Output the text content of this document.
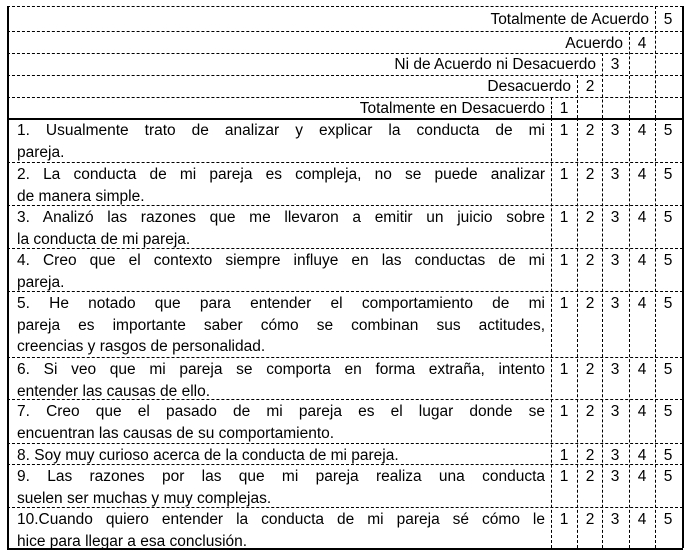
Totalmente de Acuerdo 5
Acuerdo 4
Ni de Acuerdo ni Desacuerdo 3
Desacuerdo 2
Totalmente en Desacuerdo 1
1. Usualmente trato de analizar y explicar la conducta de mi
pareja.
1	2	3	4	5
2. La conducta de mi pareja es compleja, no se puede analizar
de manera simple.
1	2	3	4	5
3. Analizó las razones que me llevaron a emitir un juicio sobre
la conducta de mi pareja.
1	2	3	4	5
4. Creo que el contexto siempre influye en las conductas de mi
pareja.
1	2	3	4	5
5. He notado que para entender el comportamiento de mi
pareja es importante saber cómo se combinan sus actitudes,
creencias y rasgos de personalidad.
1	2	3	4	5
6. Si veo que mi pareja se comporta en forma extraña, intento
entender las causas de ello.
1	2	3	4	5
7. Creo que el pasado de mi pareja es el lugar donde se
encuentran las causas de su comportamiento.
1	2	3	4	5
8. Soy muy curioso acerca de la conducta de mi pareja.	1	2	3	4	5
9. Las razones por las que mi pareja realiza una conducta
suelen ser muchas y muy complejas.
1	2	3	4	5
10.Cuando quiero entender la conducta de mi pareja sé cómo le
hice para llegar a esa conclusión.
1	2	3	4	5
